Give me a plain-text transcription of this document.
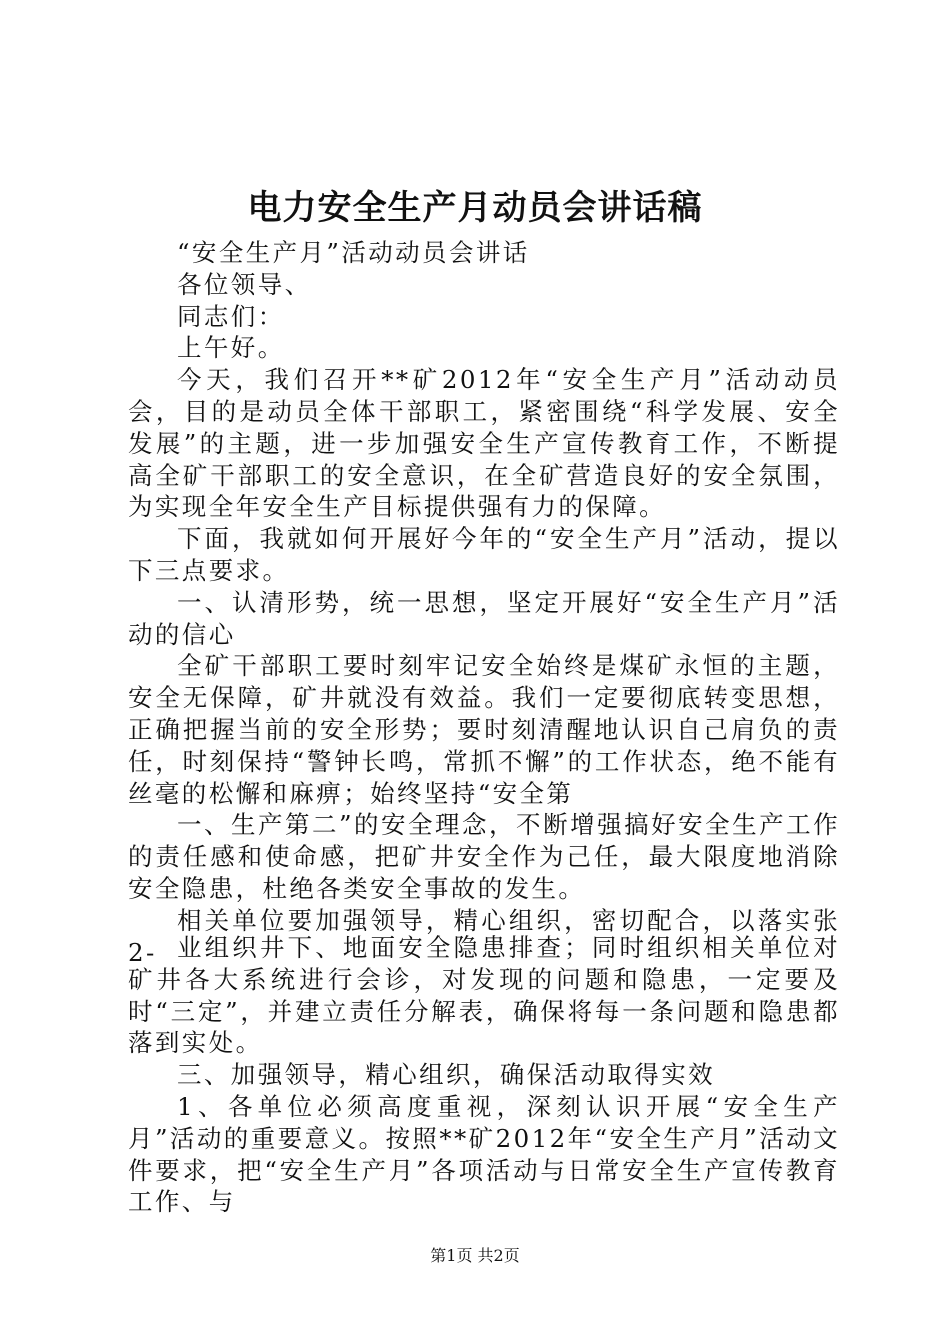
电力安全生产月动员会讲话稿

“安全生产月”活动动员会讲话

各位领导、

同志们：

上午好。

今天，我们召开**矿2012年“安全生产月”活动动员会，目的是动员全体干部职工，紧密围绕“科学发展、安全发展”的主题，进一步加强安全生产宣传教育工作，不断提高全矿干部职工的安全意识，在全矿营造良好的安全氛围，为实现全年安全生产目标提供强有力的保障。

下面，我就如何开展好今年的“安全生产月”活动，提以下三点要求。

一、认清形势，统一思想，坚定开展好“安全生产月”活动的信心

全矿干部职工要时刻牢记安全始终是煤矿永恒的主题，安全无保障，矿井就没有效益。我们一定要彻底转变思想，正确把握当前的安全形势；要时刻清醒地认识自己肩负的责任，时刻保持“警钟长鸣，常抓不懈”的工作状态，绝不能有丝毫的松懈和麻痹；始终坚持“安全第

一、生产第二”的安全理念，不断增强搞好安全生产工作的责任感和使命感，把矿井安全作为己任，最大限度地消除安全隐患，杜绝各类安全事故的发生。

相关单位要加强领导，精心组织，密切配合，以落实张2- 业组织井下、地面安全隐患排查；同时组织相关单位对矿井各大系统进行会诊，对发现的问题和隐患，一定要及时“三定”，并建立责任分解表，确保将每一条问题和隐患都落到实处。

三、加强领导，精心组织，确保活动取得实效

1、各单位必须高度重视，深刻认识开展“安全生产月”活动的重要意义。按照**矿2012年“安全生产月”活动文件要求，把“安全生产月”各项活动与日常安全生产宣传教育工作、与

第1页 共2页
